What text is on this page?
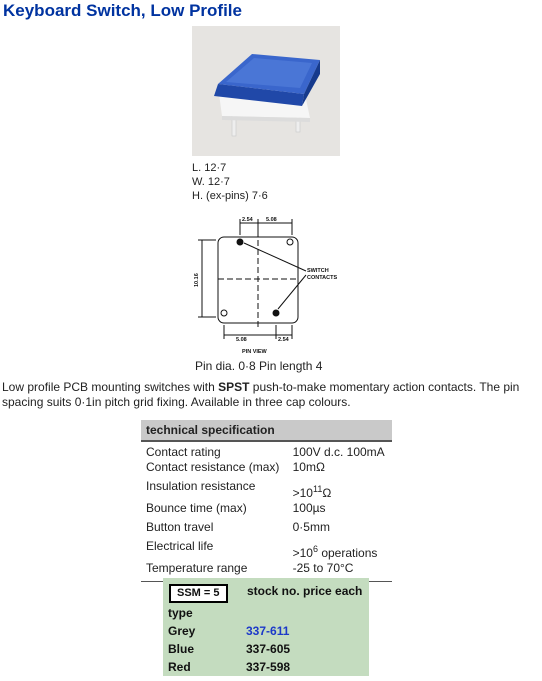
Keyboard Switch, Low Profile
L. 12·7
W. 12·7
H. (ex-pins) 7·6
2.54 5.08
10.16
5.08	2.54
SWITCH
CONTACTS
PIN VIEW
Pin dia. 0·8 Pin length 4
Low profile PCB mounting switches with SPST push-to-make momentary action contacts. The pin spacing suits 0·1in pitch grid fixing. Available in three cap colours.
technical specification	
Contact rating	100V d.c. 100mA
Contact resistance (max)	10mΩ
Insulation resistance	$>10^{11}\Omega$
Bounce time (max)	100µs
Button travel	0·5mm
Electrical life	$>10^6$ operations
Temperature range	-25 to 70°C
SSM = 5	stock no. price each
type
Grey	337-611
Blue	337-605
Red	337-598
